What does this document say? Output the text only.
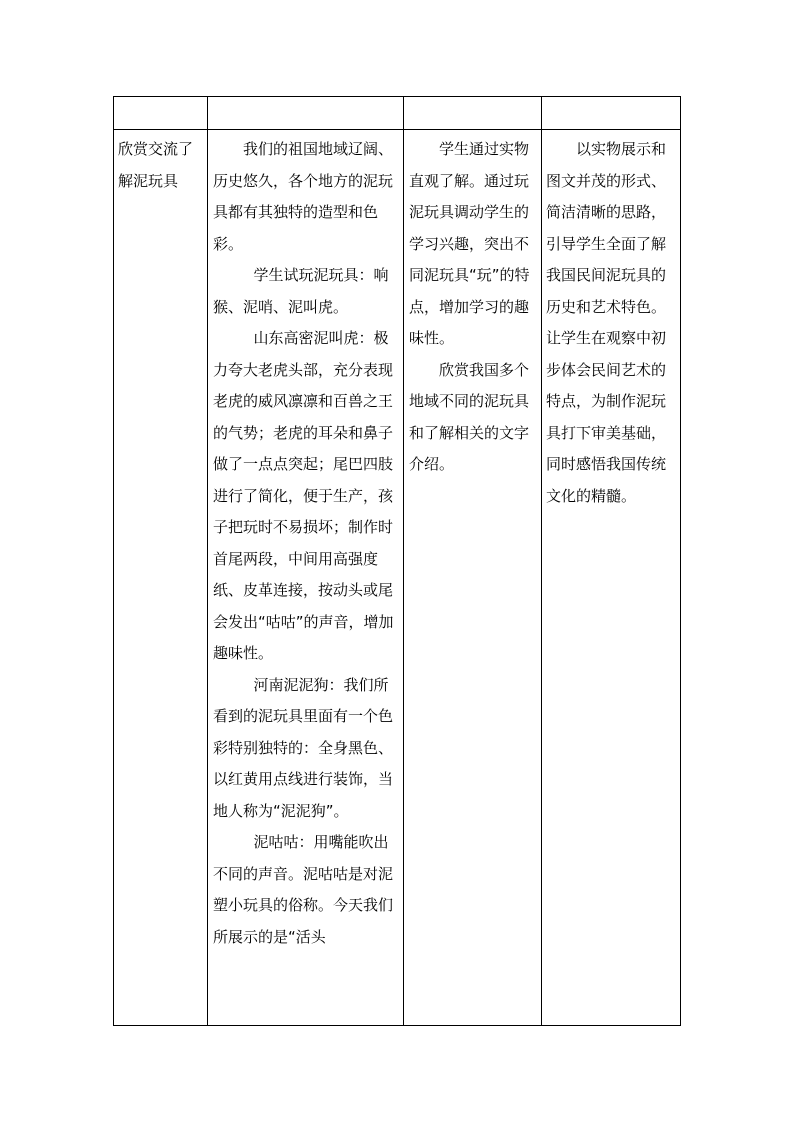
欣赏交流了解泥玩具

我们的祖国地域辽阔、历史悠久，各个地方的泥玩具都有其独特的造型和色彩。

学生试玩泥玩具：响猴、泥哨、泥叫虎。

山东高密泥叫虎：极力夸大老虎头部，充分表现老虎的威风凛凛和百兽之王的气势；老虎的耳朵和鼻子做了一点点突起；尾巴四肢进行了简化，便于生产，孩子把玩时不易损坏；制作时首尾两段，中间用高强度纸、皮革连接，按动头或尾会发出“咕咕”的声音，增加趣味性。

河南泥泥狗：我们所看到的泥玩具里面有一个色彩特别独特的：全身黑色、以红黄用点线进行装饰，当地人称为“泥泥狗”。

泥咕咕：用嘴能吹出不同的声音。泥咕咕是对泥塑小玩具的俗称。今天我们所展示的是“活头

学生通过实物直观了解。通过玩泥玩具调动学生的学习兴趣，突出不同泥玩具“玩”的特点，增加学习的趣味性。

欣赏我国多个地域不同的泥玩具和了解相关的文字介绍。

以实物展示和图文并茂的形式、简洁清晰的思路，引导学生全面了解我国民间泥玩具的历史和艺术特色。让学生在观察中初步体会民间艺术的特点，为制作泥玩具打下审美基础，同时感悟我国传统文化的精髓。
